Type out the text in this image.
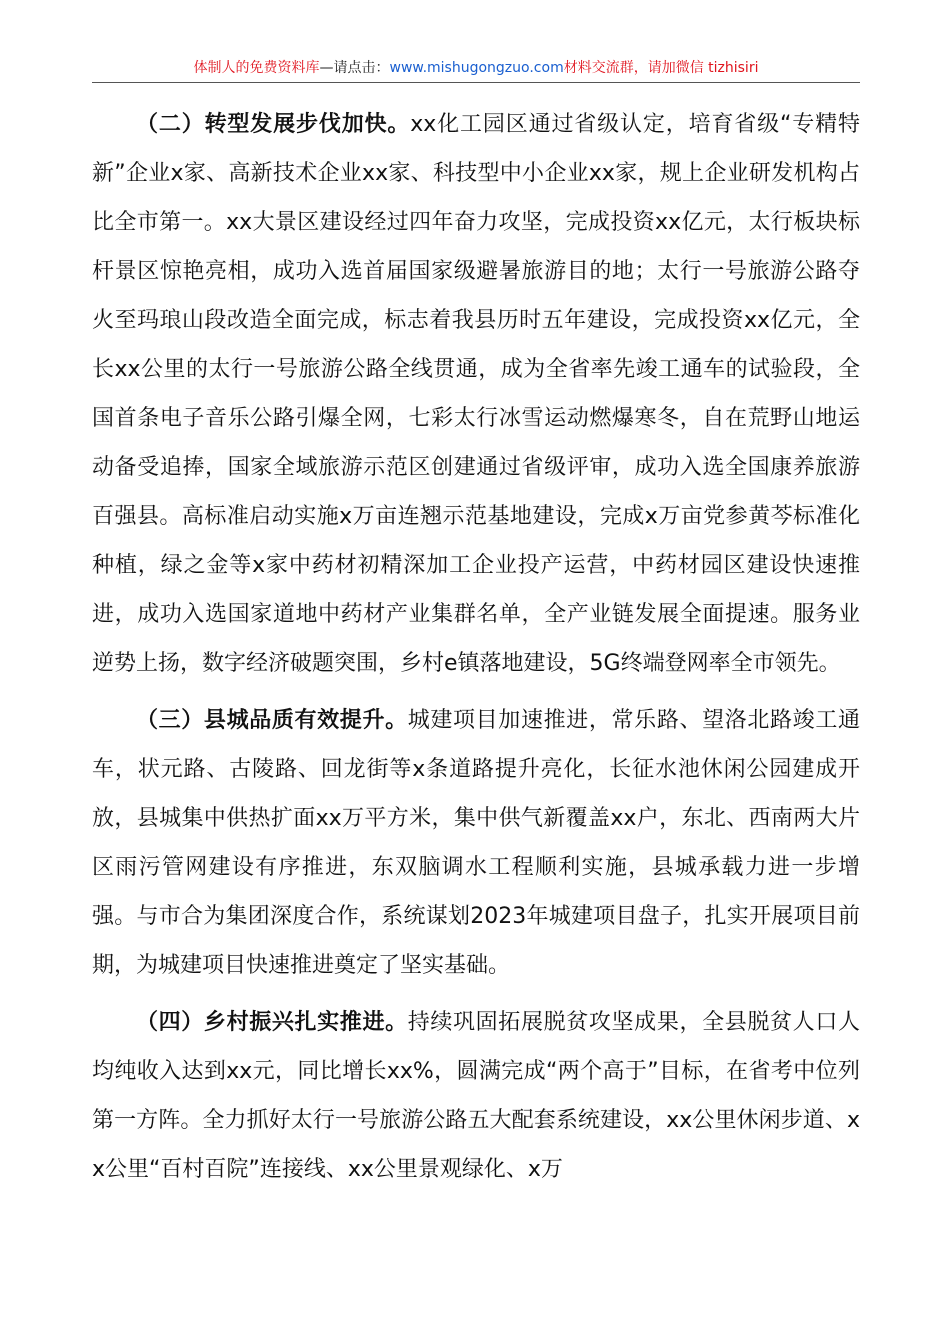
体制人的免费资料库—请点击：www.mishugongzuo.com材料交流群，请加微信 tizhisiri

（二）转型发展步伐加快。xx化工园区通过省级认定，培育省级“专精特新”企业x家、高新技术企业xx家、科技型中小企业xx家，规上企业研发机构占比全市第一。xx大景区建设经过四年奋力攻坚，完成投资xx亿元，太行板块标杆景区惊艳亮相，成功入选首届国家级避暑旅游目的地；太行一号旅游公路夺火至玛琅山段改造全面完成，标志着我县历时五年建设，完成投资xx亿元，全长xx公里的太行一号旅游公路全线贯通，成为全省率先竣工通车的试验段，全国首条电子音乐公路引爆全网，七彩太行冰雪运动燃爆寒冬，自在荒野山地运动备受追捧，国家全域旅游示范区创建通过省级评审，成功入选全国康养旅游百强县。高标准启动实施x万亩连翘示范基地建设，完成x万亩党参黄芩标准化种植，绿之金等x家中药材初精深加工企业投产运营，中药材园区建设快速推进，成功入选国家道地中药材产业集群名单，全产业链发展全面提速。服务业逆势上扬，数字经济破题突围，乡村e镇落地建设，5G终端登网率全市领先。

（三）县城品质有效提升。城建项目加速推进，常乐路、望洛北路竣工通车，状元路、古陵路、回龙街等x条道路提升亮化，长征水池休闲公园建成开放，县城集中供热扩面xx万平方米，集中供气新覆盖xx户，东北、西南两大片区雨污管网建设有序推进，东双脑调水工程顺利实施，县城承载力进一步增强。与市合为集团深度合作，系统谋划2023年城建项目盘子，扎实开展项目前期，为城建项目快速推进奠定了坚实基础。

（四）乡村振兴扎实推进。持续巩固拓展脱贫攻坚成果，全县脱贫人口人均纯收入达到xx元，同比增长xx%，圆满完成“两个高于”目标，在省考中位列第一方阵。全力抓好太行一号旅游公路五大配套系统建设，xx公里休闲步道、xx公里“百村百院”连接线、xx公里景观绿化、x万
